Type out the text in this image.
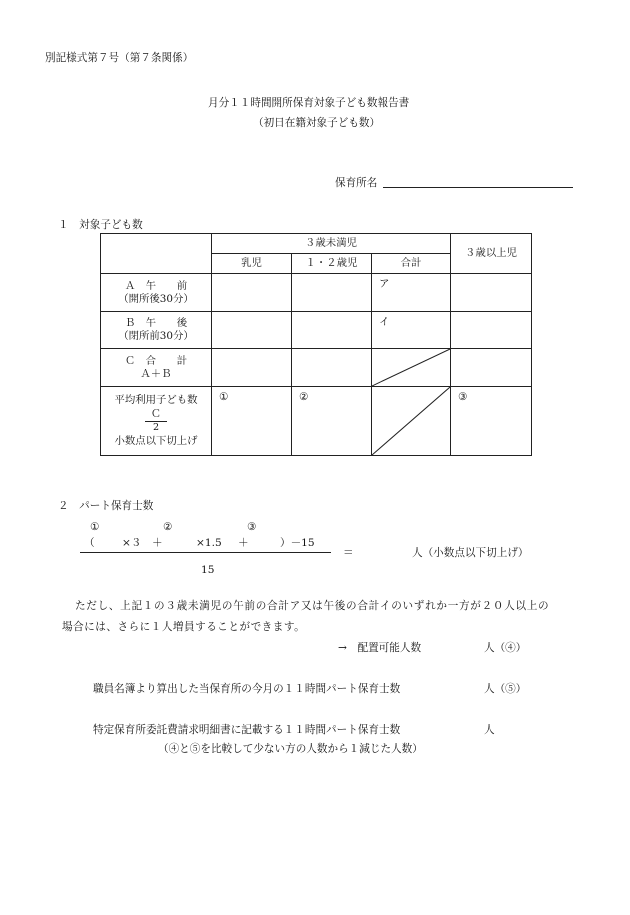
別記様式第７号（第７条関係）
月分１１時間開所保育対象子ども数報告書
（初日在籍対象子ども数）
保育所名
１　対象子ども数
	３歳未満児			３歳以上児
	乳児	１・２歳児	合計	

Ａ　午　　前
（開所後30分）			ア	

Ｂ　午　　後
（閉所前30分）			イ	

Ｃ　合　　計
Ａ＋Ｂ

平均利用子ども数
$\frac{\text{Ｃ}}{2}$
小数点以下切上げ	①	②		③
２　パート保育士数
①	②	③
（	×３ ＋	×1.5 ＋	）－15
15
＝	人（小数点以下切上げ）
ただし、上記１の３歳未満児の午前の合計ア又は午後の合計イのいずれか一方が２０人以上の
場合には、さらに１人増員することができます。
→　配置可能人数	人（④）
職員名簿より算出した当保育所の今月の１１時間パート保育士数	人（⑤）
特定保育所委託費請求明細書に記載する１１時間パート保育士数	人
（④と⑤を比較して少ない方の人数から１減じた人数）
